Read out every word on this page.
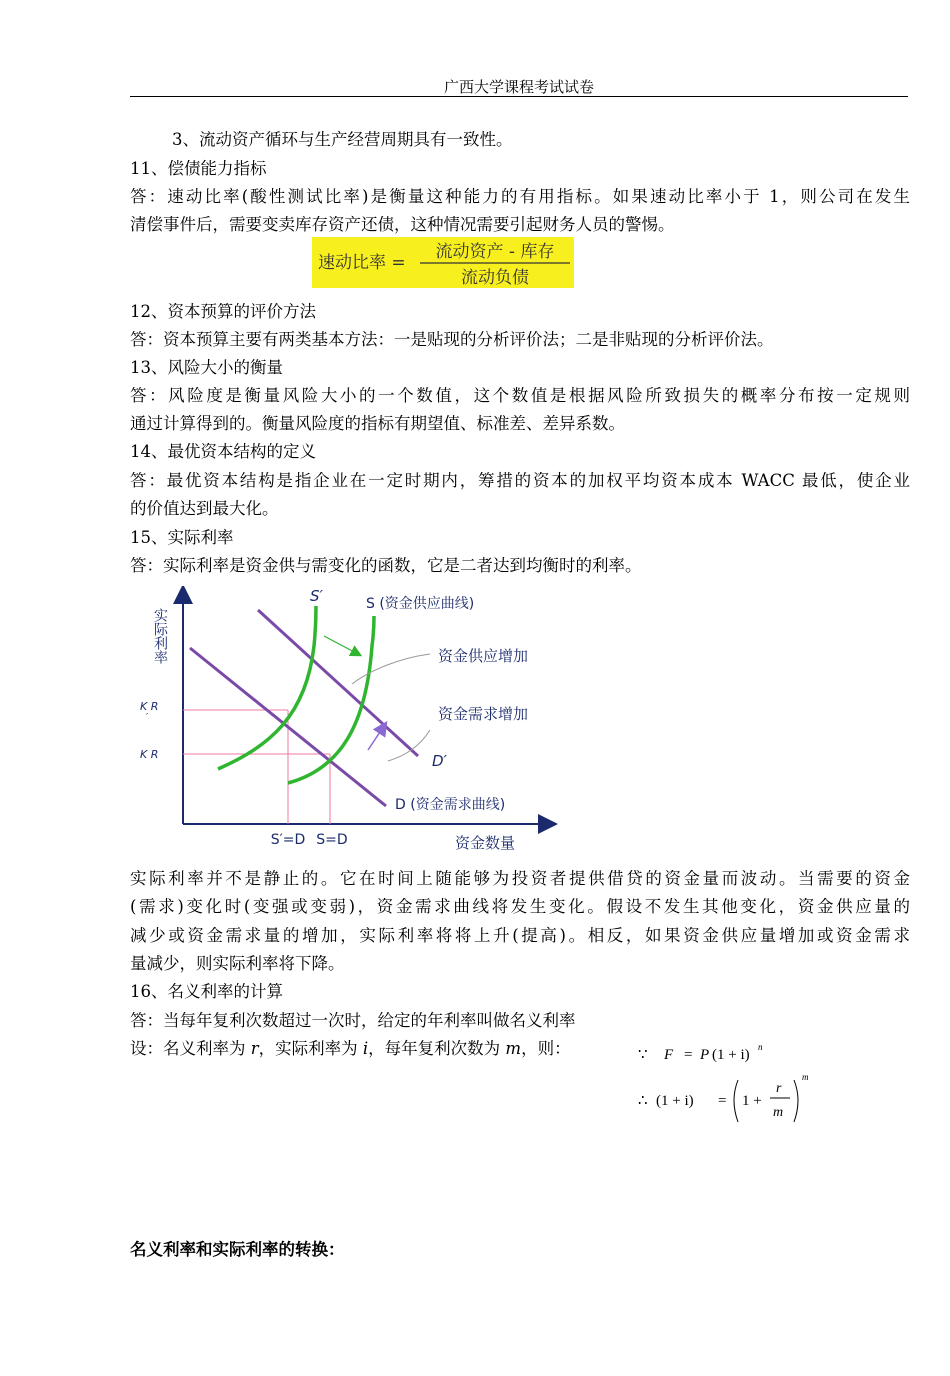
广西大学课程考试试卷
3、流动资产循环与生产经营周期具有一致性。
11、偿债能力指标
答：速动比率(酸性测试比率)是衡量这种能力的有用指标。如果速动比率小于 1，则公司在发生
清偿事件后，需要变卖库存资产还债，这种情况需要引起财务人员的警惕。
速动比率 =
流动资产 - 库存
流动负债
12、资本预算的评价方法
答：资本预算主要有两类基本方法：一是贴现的分析评价法；二是非贴现的分析评价法。
13、风险大小的衡量
答：风险度是衡量风险大小的一个数值，这个数值是根据风险所致损失的概率分布按一定规则
通过计算得到的。衡量风险度的指标有期望值、标准差、差异系数。
14、最优资本结构的定义
答：最优资本结构是指企业在一定时期内，筹措的资本的加权平均资本成本 WACC 最低，使企业
的价值达到最大化。
15、实际利率
答：实际利率是资金供与需变化的函数，它是二者达到均衡时的利率。
实际利率
S′	S (资金供应曲线)
D′
D (资金需求曲线)
资金供应增加
资金需求增加
K R
′
K R
S′=D S=D	资金数量
实际利率并不是静止的。它在时间上随能够为投资者提供借贷的资金量而波动。当需要的资金
(需求)变化时(变强或变弱)，资金需求曲线将发生变化。假设不发生其他变化，资金供应量的
减少或资金需求量的增加，实际利率将将上升(提高)。相反，如果资金供应量增加或资金需求
量减少，则实际利率将下降。
16、名义利率的计算
答：当每年复利次数超过一次时，给定的年利率叫做名义利率
设：名义利率为 r，实际利率为 i，每年复利次数为 m，则：	∵ F = P (1 + i) n
∴ (1 + i) = 1 +
r
m
m
名义利率和实际利率的转换：
